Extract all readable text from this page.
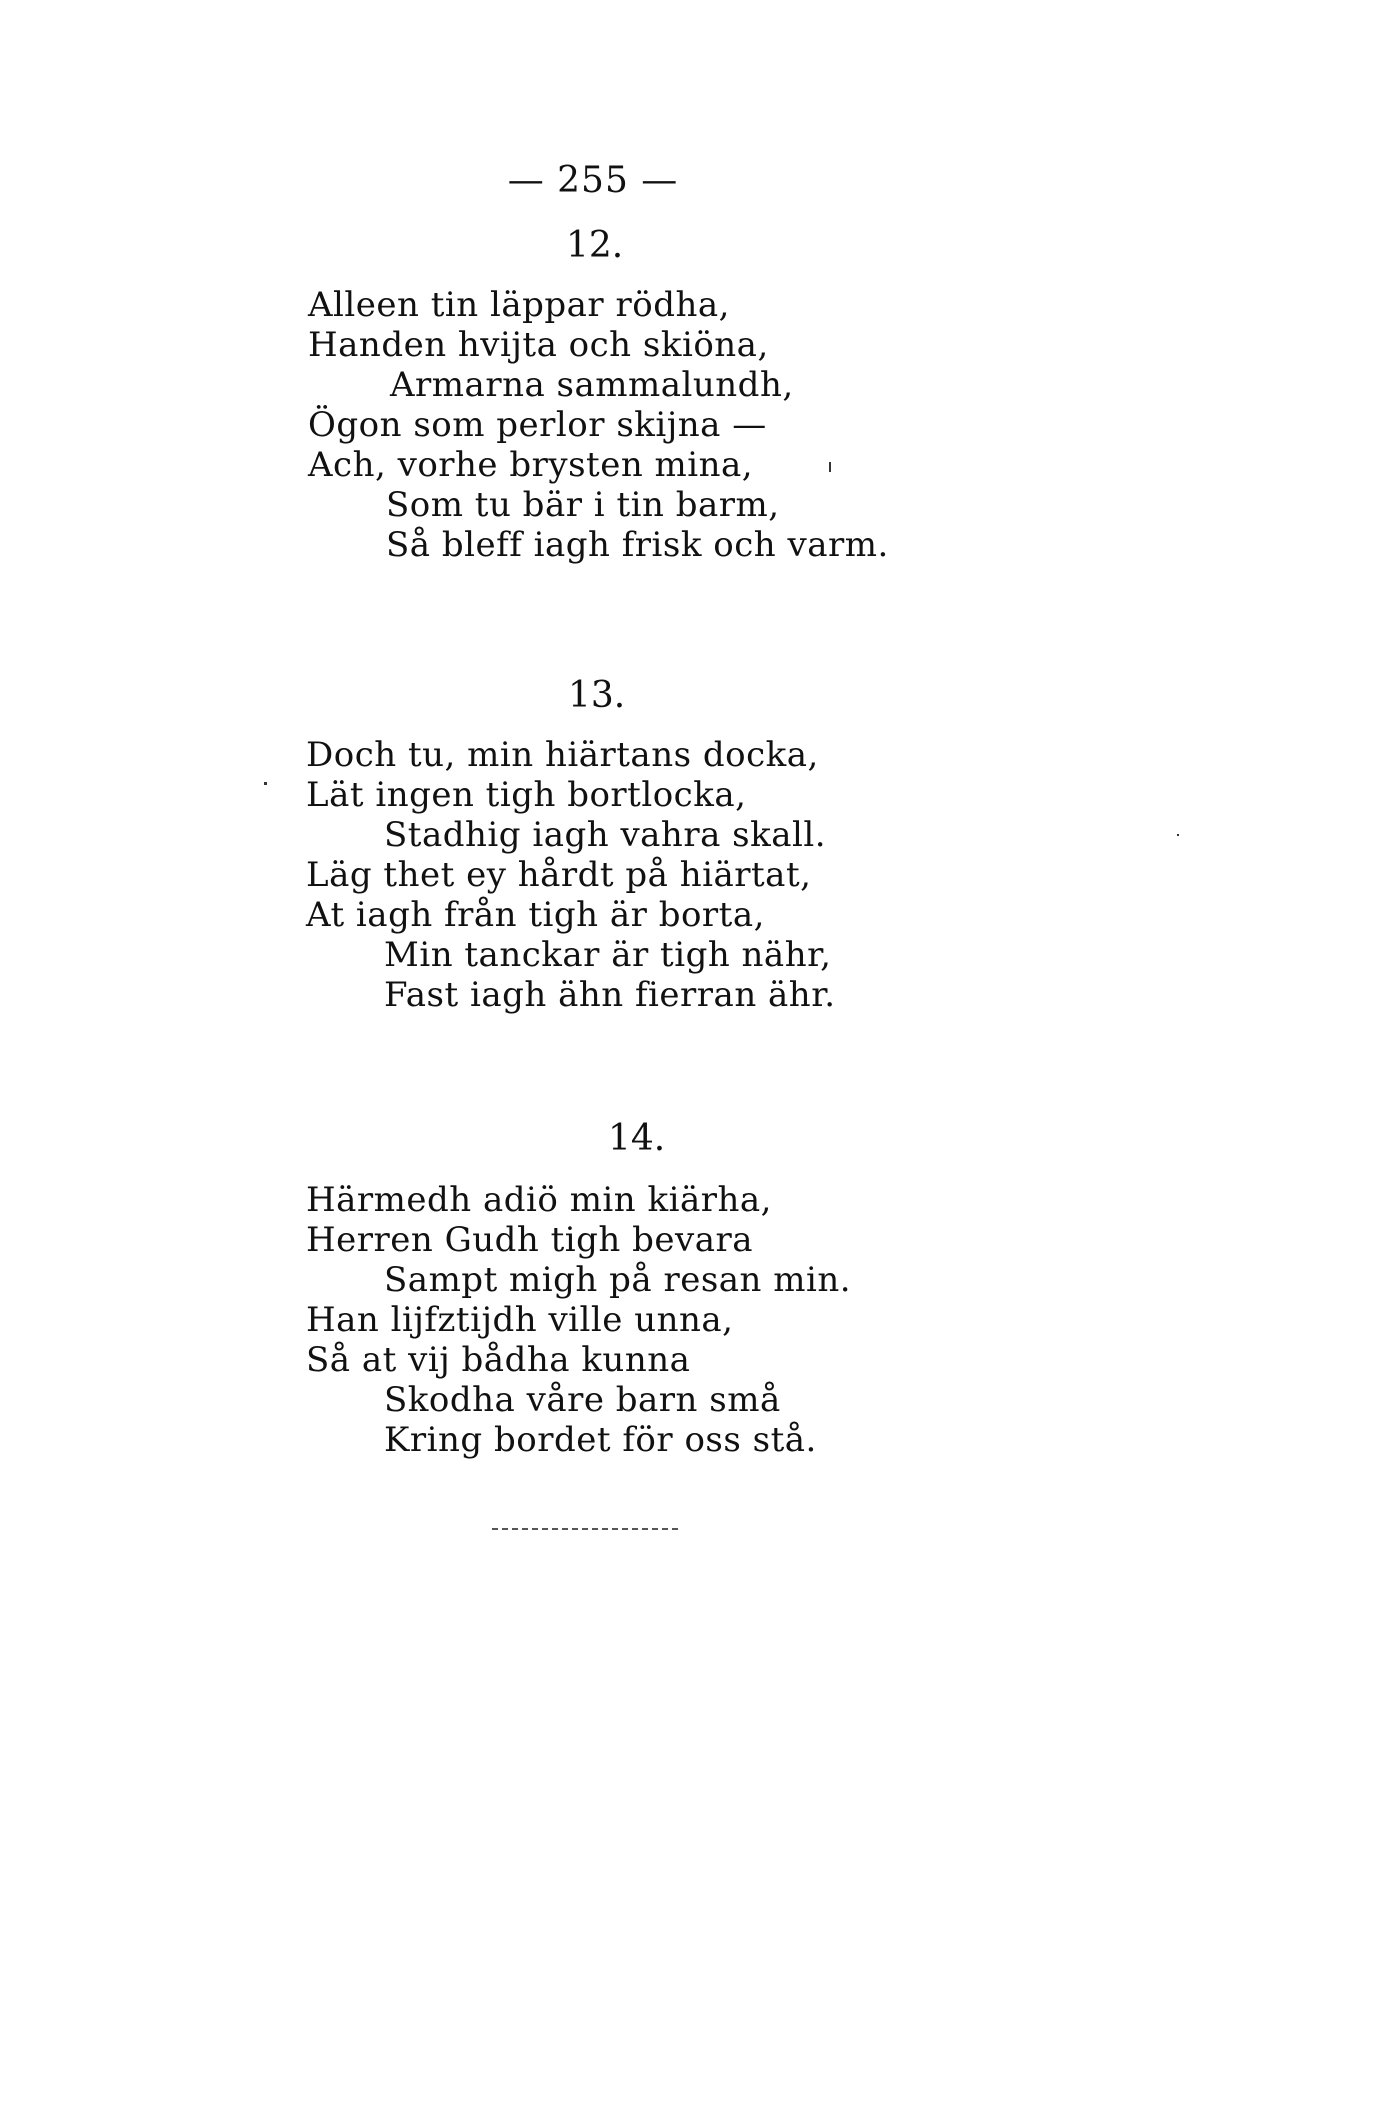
— 255 —
12.
Alleen tin läppar rödha,
Handen hvijta och skiöna,
Armarna sammalundh,
Ögon som perlor skijna —
Ach, vorhe brysten mina,
Som tu bär i tin barm,
Så bleff iagh frisk och varm.
13.
Doch tu, min hiärtans docka,
Lät ingen tigh bortlocka,
Stadhig iagh vahra skall.
Läg thet ey hårdt på hiärtat,
At iagh från tigh är borta,
Min tanckar är tigh nähr,
Fast iagh ähn fierran ähr.
14.
Härmedh adiö min kiärha,
Herren Gudh tigh bevara
Sampt migh på resan min.
Han lijfztijdh ville unna,
Så at vij bådha kunna
Skodha våre barn små
Kring bordet för oss stå.
